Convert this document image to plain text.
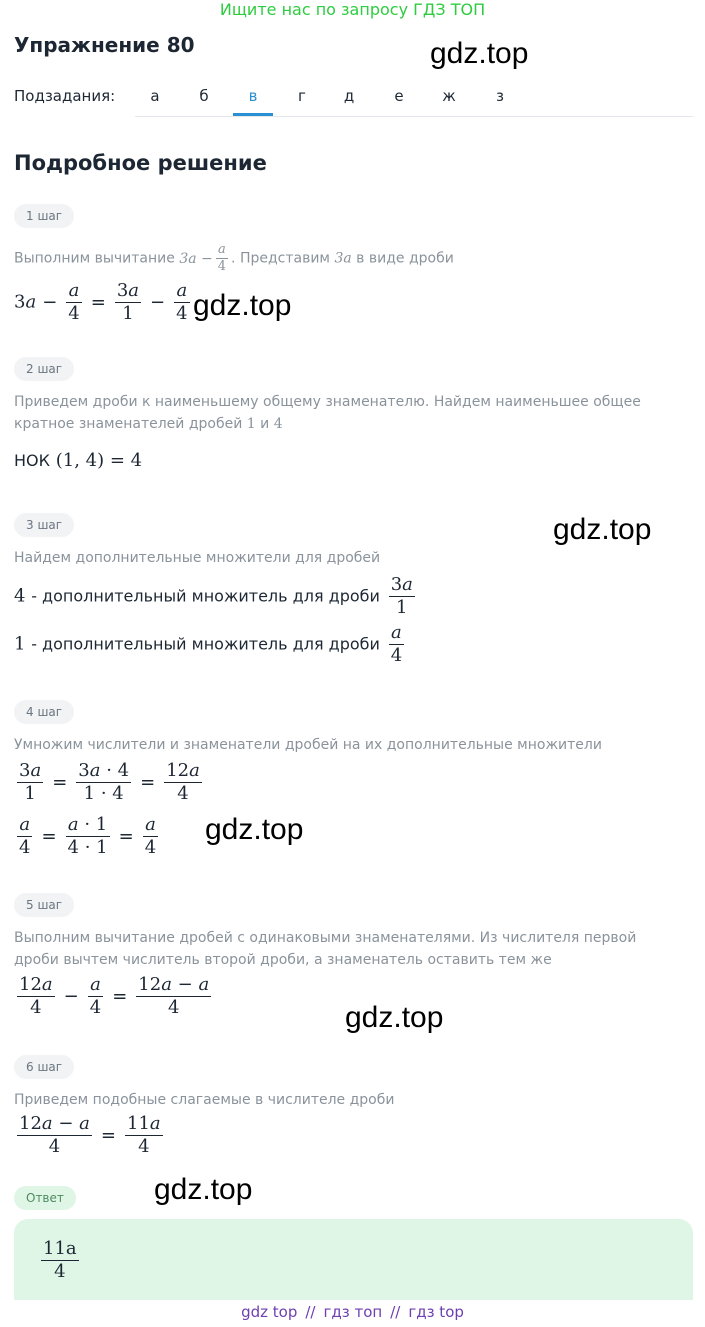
Ищите нас по запросу ГДЗ ТОП
Упражнение 80	gdz.top
Подзадания:	а	б	в	г	д	е	ж	з
Подробное решение
1 шаг
Выполним вычитание $3a - \frac{a}{4}$ . Представим 3a в виде дроби
$3a - \frac{a}{4} = \frac{3a}{1} - \frac{a}{4} gdz.top$
2 шаг
Приведем дроби к наименьшему общему знаменателю. Найдем наименьшее общее кратное знаменателей дробей 1 и 4
НОК (1, 4) = 4
3 шаг	gdz.top
Найдем дополнительные множители для дробей
4 - дополнительный множитель для дроби $\frac{3a}{1}$
1 - дополнительный множитель для дроби $\frac{a}{4}$
4 шаг
Умножим числители и знаменатели дробей на их дополнительные множители
$\frac{3a}{1} = \frac{3a \cdot 4}{1 \cdot 4} = \frac{12a}{4}$
$\frac{a}{4} = \frac{a \cdot 1}{4 \cdot 1} = \frac{a}{4} gdz.top$
5 шаг
Выполним вычитание дробей с одинаковыми знаменателями. Из числителя первой дроби вычтем числитель второй дроби, а знаменатель оставить тем же
$\frac{12a}{4} - \frac{a}{4} = \frac{12a - a}{4}$	gdz.top
6 шаг
Приведем подобные слагаемые в числителе дроби
$\frac{12a - a}{4} = \frac{11a}{4}$
gdz.top
Ответ
$\frac{11a}{4}$
gdz top // гдз топ // гдз top
